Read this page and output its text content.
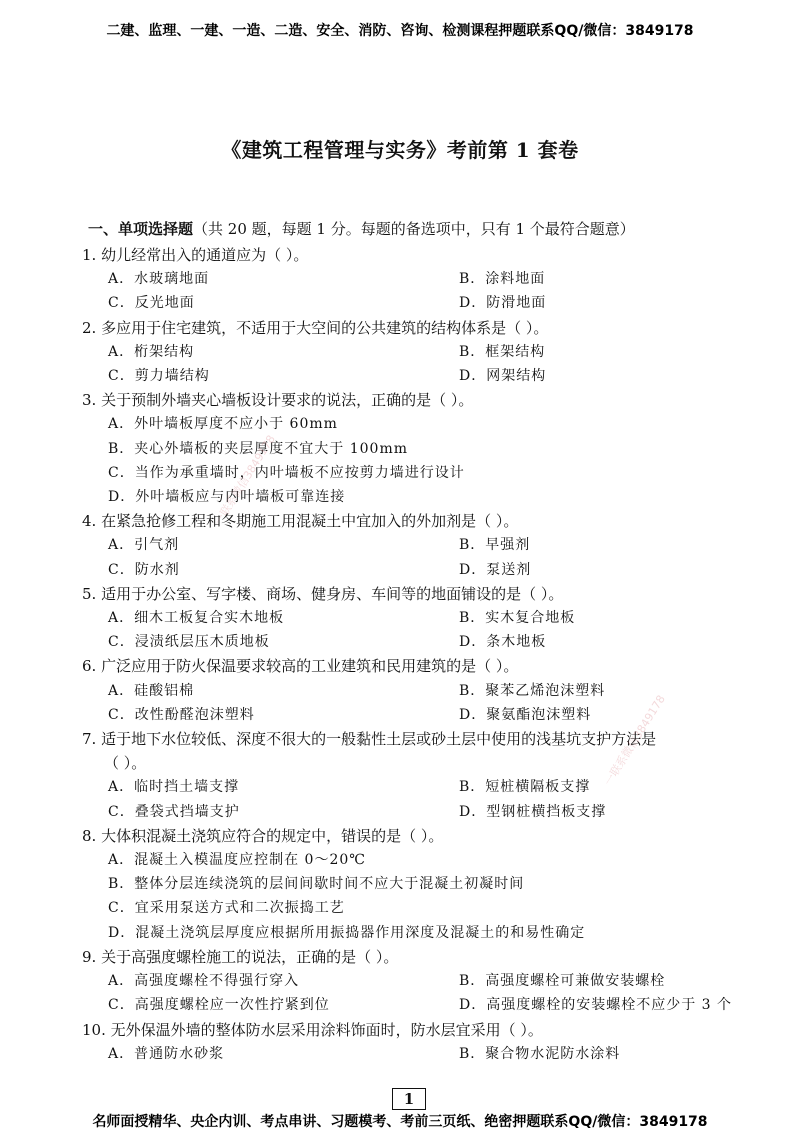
二建、监理、一建、一造、二造、安全、消防、咨询、检测课程押题联系QQ/微信：3849178
《建筑工程管理与实务》考前第 1 套卷
一、单项选择题（共 20 题，每题 1 分。每题的备选项中，只有 1 个最符合题意）
1. 幼儿经常出入的通道应为（ ）。
A．水玻璃地面	B．涂料地面
C．反光地面	D．防滑地面
2. 多应用于住宅建筑，不适用于大空间的公共建筑的结构体系是（ ）。
A．桁架结构	B．框架结构
C．剪力墙结构	D．网架结构
3. 关于预制外墙夹心墙板设计要求的说法，正确的是（ ）。
A．外叶墙板厚度不应小于 60mm
B．夹心外墙板的夹层厚度不宜大于 100mm
C．当作为承重墙时，内叶墙板不应按剪力墙进行设计
D．外叶墙板应与内叶墙板可靠连接
4. 在紧急抢修工程和冬期施工用混凝土中宜加入的外加剂是（ ）。
A．引气剂	B．早强剂
C．防水剂	D．泵送剂
5. 适用于办公室、写字楼、商场、健身房、车间等的地面铺设的是（ ）。
A．细木工板复合实木地板	B．实木复合地板
C．浸渍纸层压木质地板	D．条木地板
6. 广泛应用于防火保温要求较高的工业建筑和民用建筑的是（ ）。
A．硅酸铝棉	B．聚苯乙烯泡沫塑料
C．改性酚醛泡沫塑料	D．聚氨酯泡沫塑料
7. 适于地下水位较低、深度不很大的一般黏性土层或砂土层中使用的浅基坑支护方法是
（ ）。
A．临时挡土墙支撑	B．短桩横隔板支撑
C．叠袋式挡墙支护	D．型钢桩横挡板支撑
8. 大体积混凝土浇筑应符合的规定中，错误的是（ ）。
A．混凝土入模温度应控制在 0～20℃
B．整体分层连续浇筑的层间间歇时间不应大于混凝土初凝时间
C．宜采用泵送方式和二次振捣工艺
D．混凝土浇筑层厚度应根据所用振捣器作用深度及混凝土的和易性确定
9. 关于高强度螺栓施工的说法，正确的是（ ）。
A．高强度螺栓不得强行穿入	B．高强度螺栓可兼做安装螺栓
C．高强度螺栓应一次性拧紧到位	D．高强度螺栓的安装螺栓不应少于 3 个
10. 无外保温外墙的整体防水层采用涂料饰面时，防水层宜采用（ ）。
A．普通防水砂浆	B．聚合物水泥防水涂料
一联系微信3849178
一联系微信3849178
1
名师面授精华、央企内训、考点串讲、习题模考、考前三页纸、绝密押题联系QQ/微信：3849178
